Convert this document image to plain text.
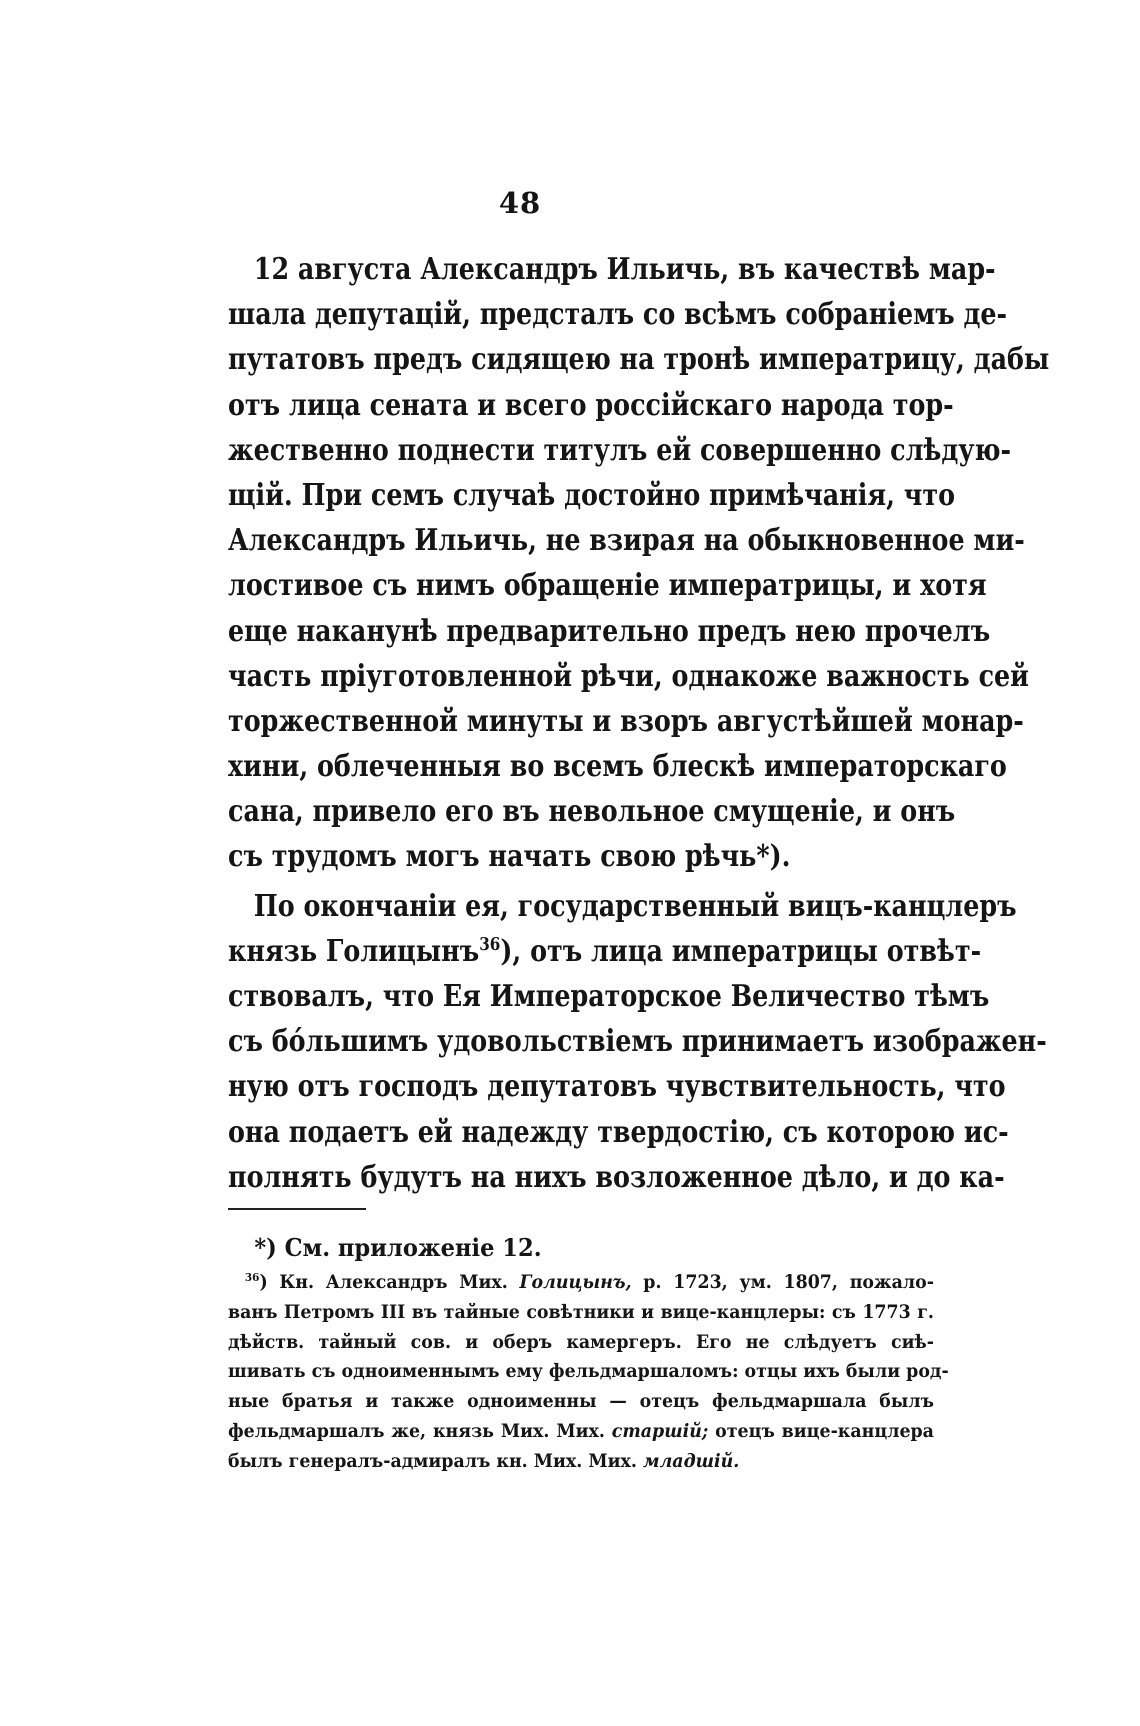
48
12 августа Александръ Ильичь, въ качествѣ мар-
шала депутацій, предсталъ со всѣмъ собраніемъ де-
путатовъ предъ сидящею на тронѣ императрицу, дабы
отъ лица сената и всего россійскаго народа тор-
жественно поднести титулъ ей совершенно слѣдую-
щій. При семъ случаѣ достойно примѣчанія, что
Александръ Ильичь, не взирая на обыкновенное ми-
лостивое съ нимъ обращеніе императрицы, и хотя
еще наканунѣ предварительно предъ нею прочелъ
часть пріуготовленной рѣчи, однакоже важность сей
торжественной минуты и взоръ августѣйшей монар-
хини, облеченныя во всемъ блескѣ императорскаго
сана, привело его въ невольное смущеніе, и онъ
съ трудомъ могъ начать свою рѣчь*).
По окончаніи ея, государственный вицъ-канцлеръ
князь Голицынъ$^{36}$), отъ лица императрицы отвѣт-
ствовалъ, что Ея Императорское Величество тѣмъ
съ бо́льшимъ удовольствіемъ принимаетъ изображен-
ную отъ господъ депутатовъ чувствительность, что
она подаетъ ей надежду твердостію, съ которою ис-
полнять будутъ на нихъ возложенное дѣло, и до ка-
*) См. приложеніе 12.
$^{36}$) Кн. Александръ Мих. Голицынъ, р. 1723, ум. 1807, пожало-
ванъ Петромъ III въ тайные совѣтники и вице-канцлеры: съ 1773 г.
дѣйств. тайный сов. и оберъ камергеръ. Его не слѣдуетъ сиѣ-
шивать съ одноименнымъ ему фельдмаршаломъ: отцы ихъ были род-
ные братья и также одноименны — отецъ фельдмаршала былъ
фельдмаршалъ же, князь Мих. Мих. старшій; отецъ вице-канцлера
былъ генералъ-адмиралъ кн. Мих. Мих. младшій.
